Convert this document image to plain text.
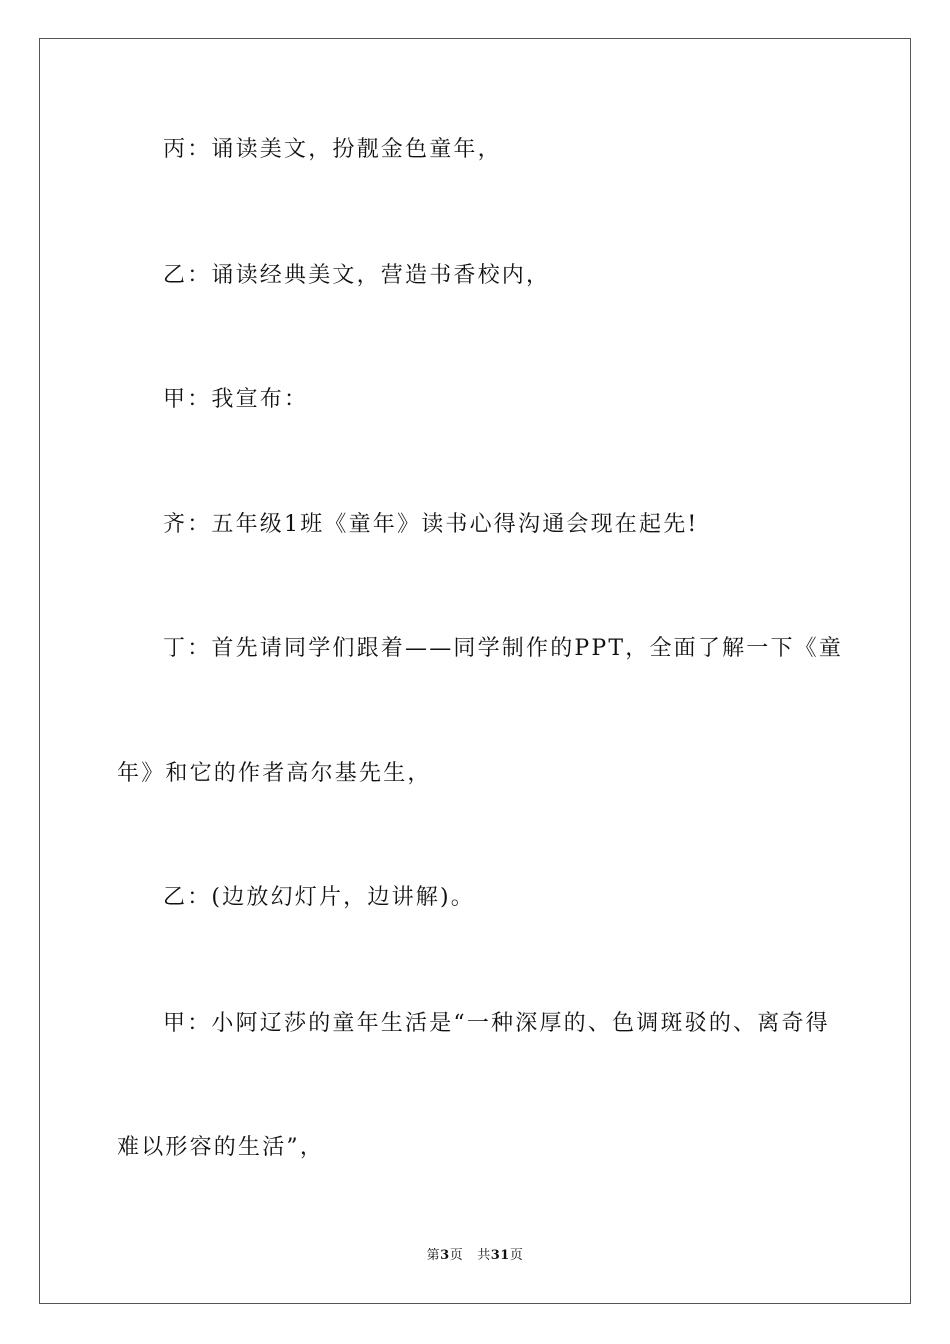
丙：诵读美文，扮靓金色童年，
乙：诵读经典美文，营造书香校内，
甲：我宣布：
齐：五年级1班《童年》读书心得沟通会现在起先!
丁：首先请同学们跟着——同学制作的PPT，全面了解一下《童
年》和它的作者高尔基先生，
乙：(边放幻灯片，边讲解)。
甲：小阿辽莎的童年生活是“一种深厚的、色调斑驳的、离奇得
难以形容的生活”，
第3页 共31页
